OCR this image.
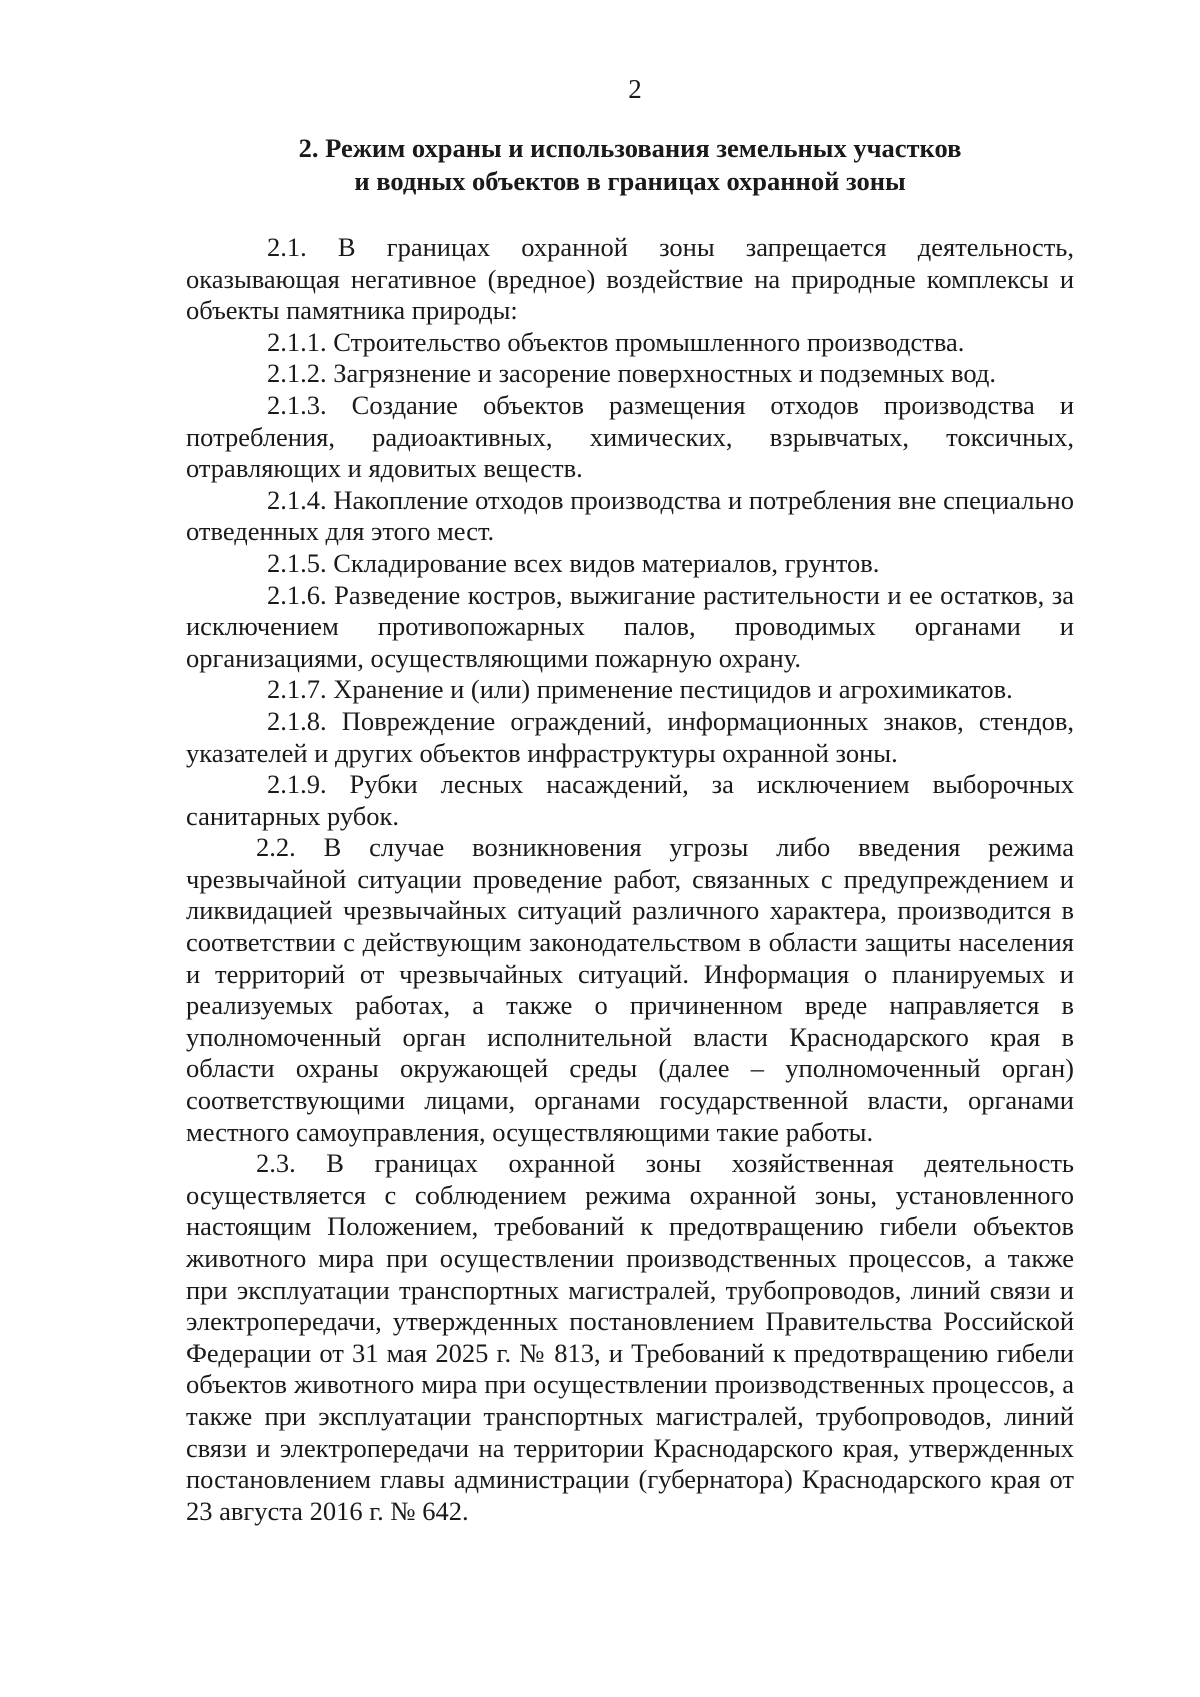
2
2. Режим охраны и использования земельных участков
и водных объектов в границах охранной зоны

2.1. В границах охранной зоны запрещается деятельность, оказывающая негативное (вредное) воздействие на природные комплексы и объекты памятника природы:

2.1.1. Строительство объектов промышленного производства.

2.1.2. Загрязнение и засорение поверхностных и подземных вод.

2.1.3. Создание объектов размещения отходов производства и потребления, радиоактивных, химических, взрывчатых, токсичных, отравляющих и ядовитых веществ.

2.1.4. Накопление отходов производства и потребления вне специально отведенных для этого мест.

2.1.5. Складирование всех видов материалов, грунтов.

2.1.6. Разведение костров, выжигание растительности и ее остатков, за исключением противопожарных палов, проводимых органами и организациями, осуществляющими пожарную охрану.

2.1.7. Хранение и (или) применение пестицидов и агрохимикатов.

2.1.8. Повреждение ограждений, информационных знаков, стендов, указателей и других объектов инфраструктуры охранной зоны.

2.1.9. Рубки лесных насаждений, за исключением выборочных санитарных рубок.

2.2. В случае возникновения угрозы либо введения режима чрезвычайной ситуации проведение работ, связанных с предупреждением и ликвидацией чрезвычайных ситуаций различного характера, производится в соответствии с действующим законодательством в области защиты населения и территорий от чрезвычайных ситуаций. Информация о планируемых и реализуемых работах, а также о причиненном вреде направляется в уполномоченный орган исполнительной власти Краснодарского края в области охраны окружающей среды (далее – уполномоченный орган) соответствующими лицами, органами государственной власти, органами местного самоуправления, осуществляющими такие работы.

2.3. В границах охранной зоны хозяйственная деятельность осуществляется с соблюдением режима охранной зоны, установленного настоящим Положением, требований к предотвращению гибели объектов животного мира при осуществлении производственных процессов, а также при эксплуатации транспортных магистралей, трубопроводов, линий связи и электропередачи, утвержденных постановлением Правительства Российской Федерации от 31 мая 2025 г. № 813, и Требований к предотвращению гибели объектов животного мира при осуществлении производственных процессов, а также при эксплуатации транспортных магистралей, трубопроводов, линий связи и электропередачи на территории Краснодарского края, утвержденных постановлением главы администрации (губернатора) Краснодарского края от 23 августа 2016 г. № 642.
